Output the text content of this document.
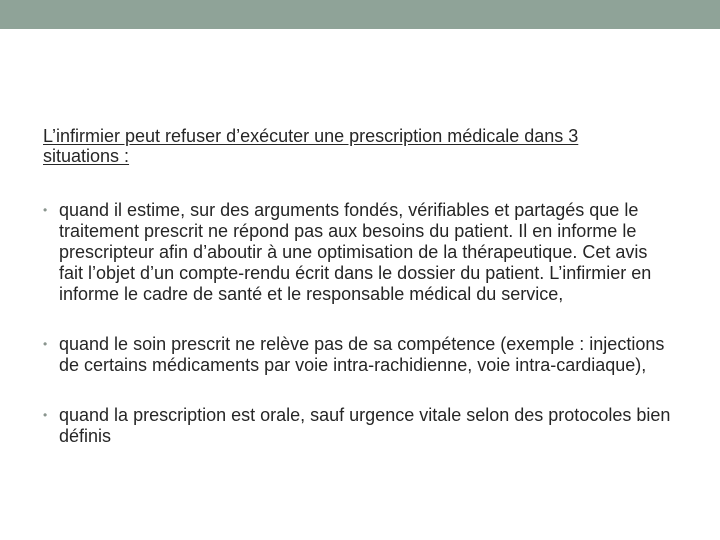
L’infirmier peut refuser d’exécuter une prescription médicale dans 3 situations :

• quand il estime, sur des arguments fondés, vérifiables et partagés que le traitement prescrit ne répond pas aux besoins du patient. Il en informe le prescripteur afin d’aboutir à une optimisation de la thérapeutique. Cet avis fait l’objet d’un compte-rendu écrit dans le dossier du patient. L’infirmier en informe le cadre de santé et le responsable médical du service,
• quand le soin prescrit ne relève pas de sa compétence (exemple : injections de certains médicaments par voie intra-rachidienne, voie intra-cardiaque),
• quand la prescription est orale, sauf urgence vitale selon des protocoles bien définis
